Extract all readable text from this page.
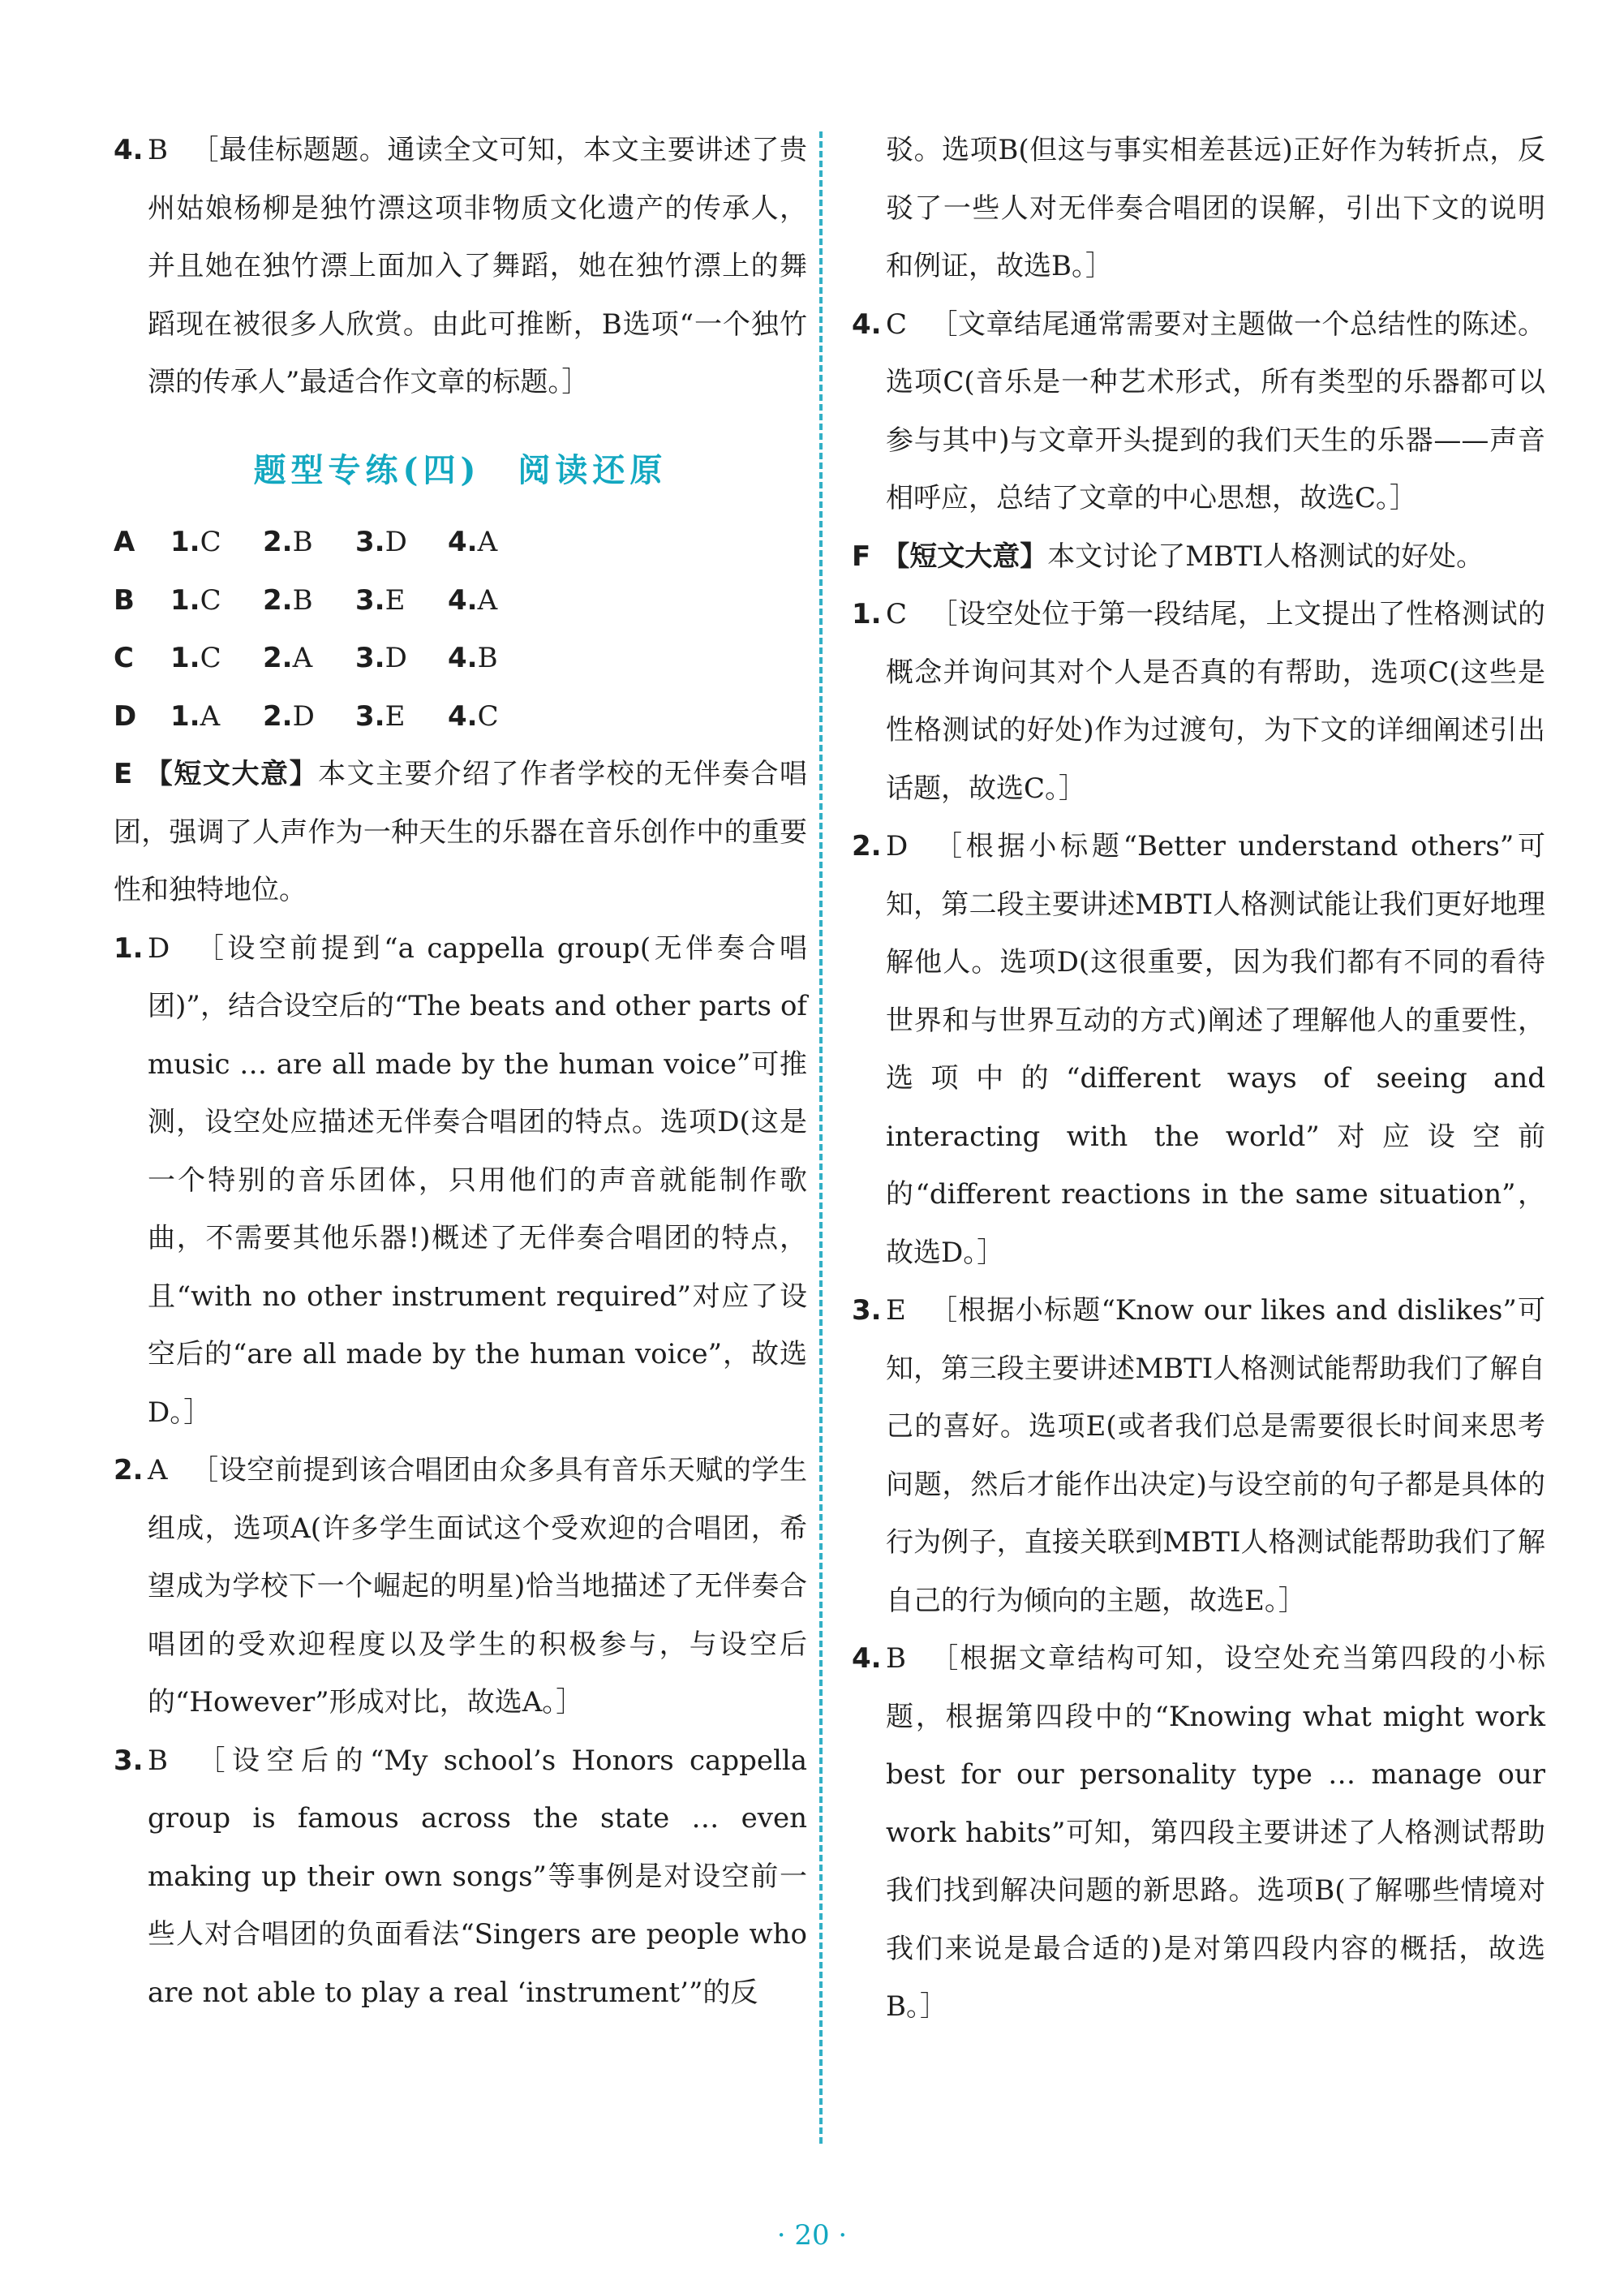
4. B ［最佳标题题。通读全文可知，本文主要讲述了贵州姑娘杨柳是独竹漂这项非物质文化遗产的传承人，并且她在独竹漂上面加入了舞蹈，她在独竹漂上的舞蹈现在被很多人欣赏。由此可推断，B选项“一个独竹漂的传承人”最适合作文章的标题。］
题型专练(四)　阅读还原
A	1.C	2.B	3.D	4.A
B	1.C	2.B	3.E	4.A
C	1.C	2.A	3.D	4.B
D	1.A	2.D	3.E	4.C
E 【短文大意】本文主要介绍了作者学校的无伴奏合唱团，强调了人声作为一种天生的乐器在音乐创作中的重要性和独特地位。
1. D ［设空前提到“a cappella group(无伴奏合唱团)”，结合设空后的“The beats and other parts of music … are all made by the human voice”可推测，设空处应描述无伴奏合唱团的特点。选项D(这是一个特别的音乐团体，只用他们的声音就能制作歌曲，不需要其他乐器!)概述了无伴奏合唱团的特点，且“with no other instrument required”对应了设空后的“are all made by the human voice”，故选D。］
2. A ［设空前提到该合唱团由众多具有音乐天赋的学生组成，选项A(许多学生面试这个受欢迎的合唱团，希望成为学校下一个崛起的明星)恰当地描述了无伴奏合唱团的受欢迎程度以及学生的积极参与，与设空后的“However”形成对比，故选A。］
3. B ［设空后的“My school’s Honors cappella group is famous across the state … even making up their own songs”等事例是对设空前一些人对合唱团的负面看法“Singers are people who are not able to play a real ‘instrument’”的反
驳。选项B(但这与事实相差甚远)正好作为转折点，反驳了一些人对无伴奏合唱团的误解，引出下文的说明和例证，故选B。］
4. C ［文章结尾通常需要对主题做一个总结性的陈述。选项C(音乐是一种艺术形式，所有类型的乐器都可以参与其中)与文章开头提到的我们天生的乐器——声音相呼应，总结了文章的中心思想，故选C。］
F 【短文大意】本文讨论了MBTI人格测试的好处。
1. C ［设空处位于第一段结尾，上文提出了性格测试的概念并询问其对个人是否真的有帮助，选项C(这些是性格测试的好处)作为过渡句，为下文的详细阐述引出话题，故选C。］
2. D ［根据小标题“Better understand others”可知，第二段主要讲述MBTI人格测试能让我们更好地理解他人。选项D(这很重要，因为我们都有不同的看待世界和与世界互动的方式)阐述了理解他人的重要性，选项中的“different ways of seeing and interacting with the world”对应设空前的“different reactions in the same situation”，故选D。］
3. E ［根据小标题“Know our likes and dislikes”可知，第三段主要讲述MBTI人格测试能帮助我们了解自己的喜好。选项E(或者我们总是需要很长时间来思考问题，然后才能作出决定)与设空前的句子都是具体的行为例子，直接关联到MBTI人格测试能帮助我们了解自己的行为倾向的主题，故选E。］
4. B ［根据文章结构可知，设空处充当第四段的小标题，根据第四段中的“Knowing what might work best for our personality type … manage our work habits”可知，第四段主要讲述了人格测试帮助我们找到解决问题的新思路。选项B(了解哪些情境对我们来说是最合适的)是对第四段内容的概括，故选B。］
· 20 ·
